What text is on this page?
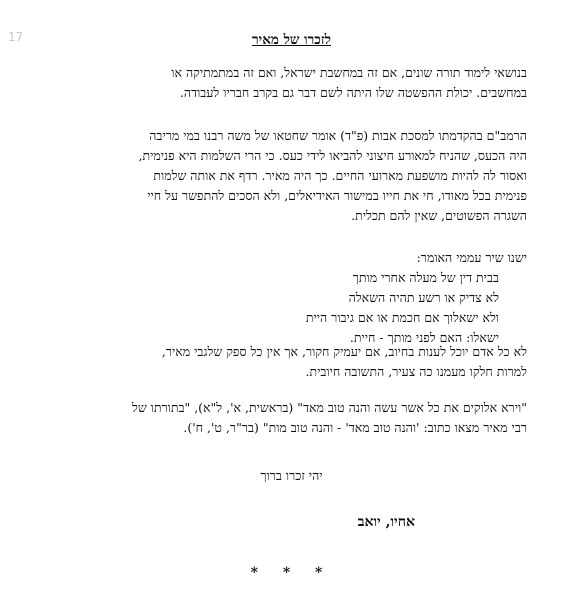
17	לזכרו של מאיר
בנושאי לימוד תורה שונים, אם זה במחשבת ישראל, ואם זה במתמתיקה או
במחשבים. יכולת ההפשטה שלו היתה לשם דבר גם בקרב חבריו לעבודה.
הרמב"ם בהקדמתו למסכת אבות (פ"ד) אומר שחטאו של משה רבנו במי מריבה
היה הכעס, שהניח למאורע חיצוני להביאו לידי כעס. כי הרי השלמות היא פנימית,
ואסור לה להיות מושפעת מארועי החיים. כך היה מאיר. רדף את אותה שלמות
פנימית בכל מאודו, חי את חייו במישור האידיאלים, ולא הסכים להתפשר על חיי
השגרה הפשוטים, שאין להם תכלית.
ישנו שיר עממי האומר:
בבית דין של מעלה אחרי מותך
לא צדיק או רשע תהיה השאלה
ולא ישאלוך אם חכמת או אם גיבור היית
ישאלו: האם לפני מותך - חיית.
לא כל אדם יוכל לענות בחיוב, אם יעמיק חקור, אך אין כל ספק שלגבי מאיר,
למרות חלקו מעמנו כה צעיר, התשובה חיובית.
"וירא אלוקים את כל אשר עשה והנה טוב מאד" (בראשית, א', ל"א), "בתורתו של
רבי מאיר מצאו כתוב: 'והנה טוב מאד' - והנה טוב מות" (בר"ר, ט', ח').
יהי זכרו ברוך
אחיו, יואב
* * *
